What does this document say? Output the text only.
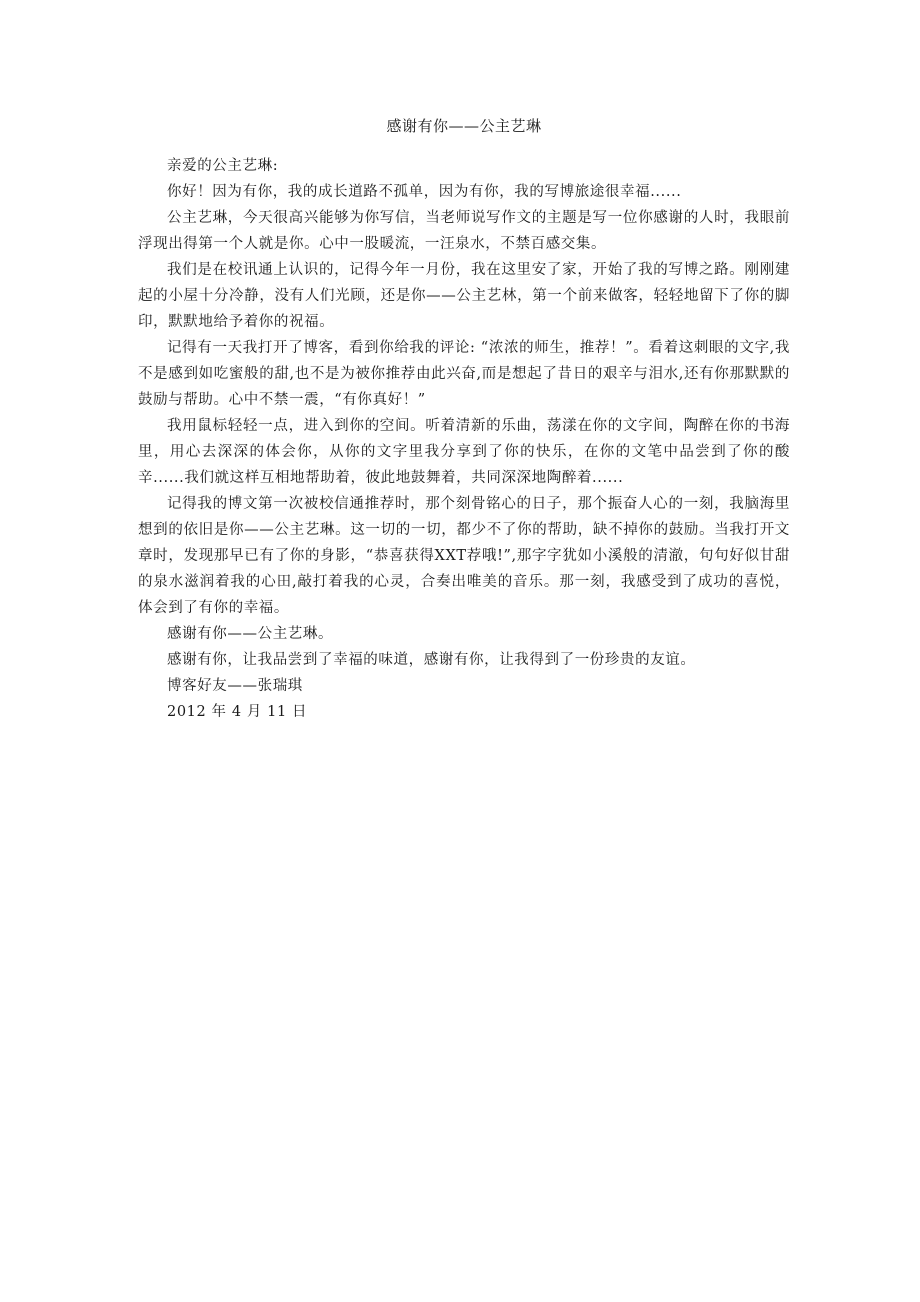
感谢有你——公主艺琳

亲爱的公主艺琳:

你好！因为有你，我的成长道路不孤单，因为有你，我的写博旅途很幸福......

公主艺琳，今天很高兴能够为你写信，当老师说写作文的主题是写一位你感谢的人时，我眼前浮现出得第一个人就是你。心中一股暖流，一汪泉水，不禁百感交集。

我们是在校讯通上认识的，记得今年一月份，我在这里安了家，开始了我的写博之路。刚刚建起的小屋十分冷静，没有人们光顾，还是你——公主艺林，第一个前来做客，轻轻地留下了你的脚印，默默地给予着你的祝福。

记得有一天我打开了博客，看到你给我的评论: “浓浓的师生，推荐！”。看着这刺眼的文字,我不是感到如吃蜜般的甜,也不是为被你推荐由此兴奋,而是想起了昔日的艰辛与泪水,还有你那默默的鼓励与帮助。心中不禁一震，“有你真好！”

我用鼠标轻轻一点，进入到你的空间。听着清新的乐曲，荡漾在你的文字间，陶醉在你的书海里，用心去深深的体会你，从你的文字里我分享到了你的快乐，在你的文笔中品尝到了你的酸辛......我们就这样互相地帮助着，彼此地鼓舞着，共同深深地陶醉着......

记得我的博文第一次被校信通推荐时，那个刻骨铭心的日子，那个振奋人心的一刻，我脑海里想到的依旧是你——公主艺琳。这一切的一切，都少不了你的帮助，缺不掉你的鼓励。当我打开文章时，发现那早已有了你的身影，“恭喜获得XXT荐哦!”,那字字犹如小溪般的清澈，句句好似甘甜的泉水滋润着我的心田,敲打着我的心灵，合奏出唯美的音乐。那一刻，我感受到了成功的喜悦，体会到了有你的幸福。

感谢有你——公主艺琳。

感谢有你，让我品尝到了幸福的味道，感谢有你，让我得到了一份珍贵的友谊。

博客好友——张瑞琪

2012 年 4 月 11 日
